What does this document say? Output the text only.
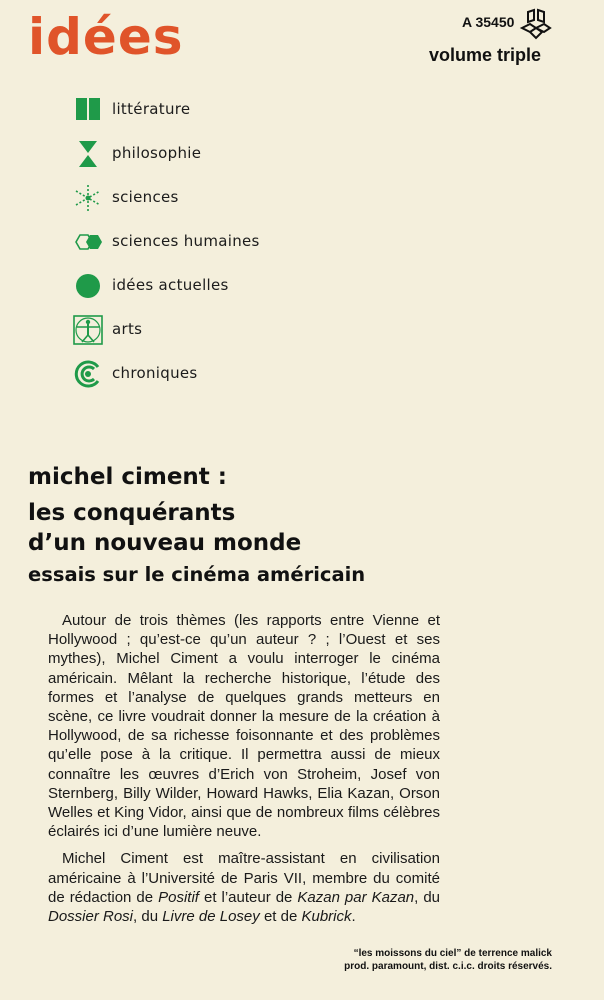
idées	A 35450
volume triple
littérature
philosophie
sciences
sciences humaines
idées actuelles
arts
chroniques
michel ciment :
les conquérants
d’un nouveau monde
essais sur le cinéma américain

Autour de trois thèmes (les rapports entre Vienne et Hollywood ; qu’est-ce qu’un auteur ? ; l’Ouest et ses mythes), Michel Ciment a voulu interroger le cinéma américain. Mêlant la recherche historique, l’étude des formes et l’analyse de quelques grands metteurs en scène, ce livre voudrait donner la mesure de la création à Hollywood, de sa richesse foisonnante et des problèmes qu’elle pose à la critique. Il permettra aussi de mieux connaître les œuvres d’Erich von Stroheim, Josef von Sternberg, Billy Wilder, Howard Hawks, Elia Kazan, Orson Welles et King Vidor, ainsi que de nombreux films célèbres éclairés ici d’une lumière neuve.

Michel Ciment est maître-assistant en civilisation américaine à l’Université de Paris VII, membre du comité de rédaction de Positif et l’auteur de Kazan par Kazan, du Dossier Rosi, du Livre de Losey et de Kubrick.

“les moissons du ciel” de terrence malick
prod. paramount, dist. c.i.c. droits réservés.
